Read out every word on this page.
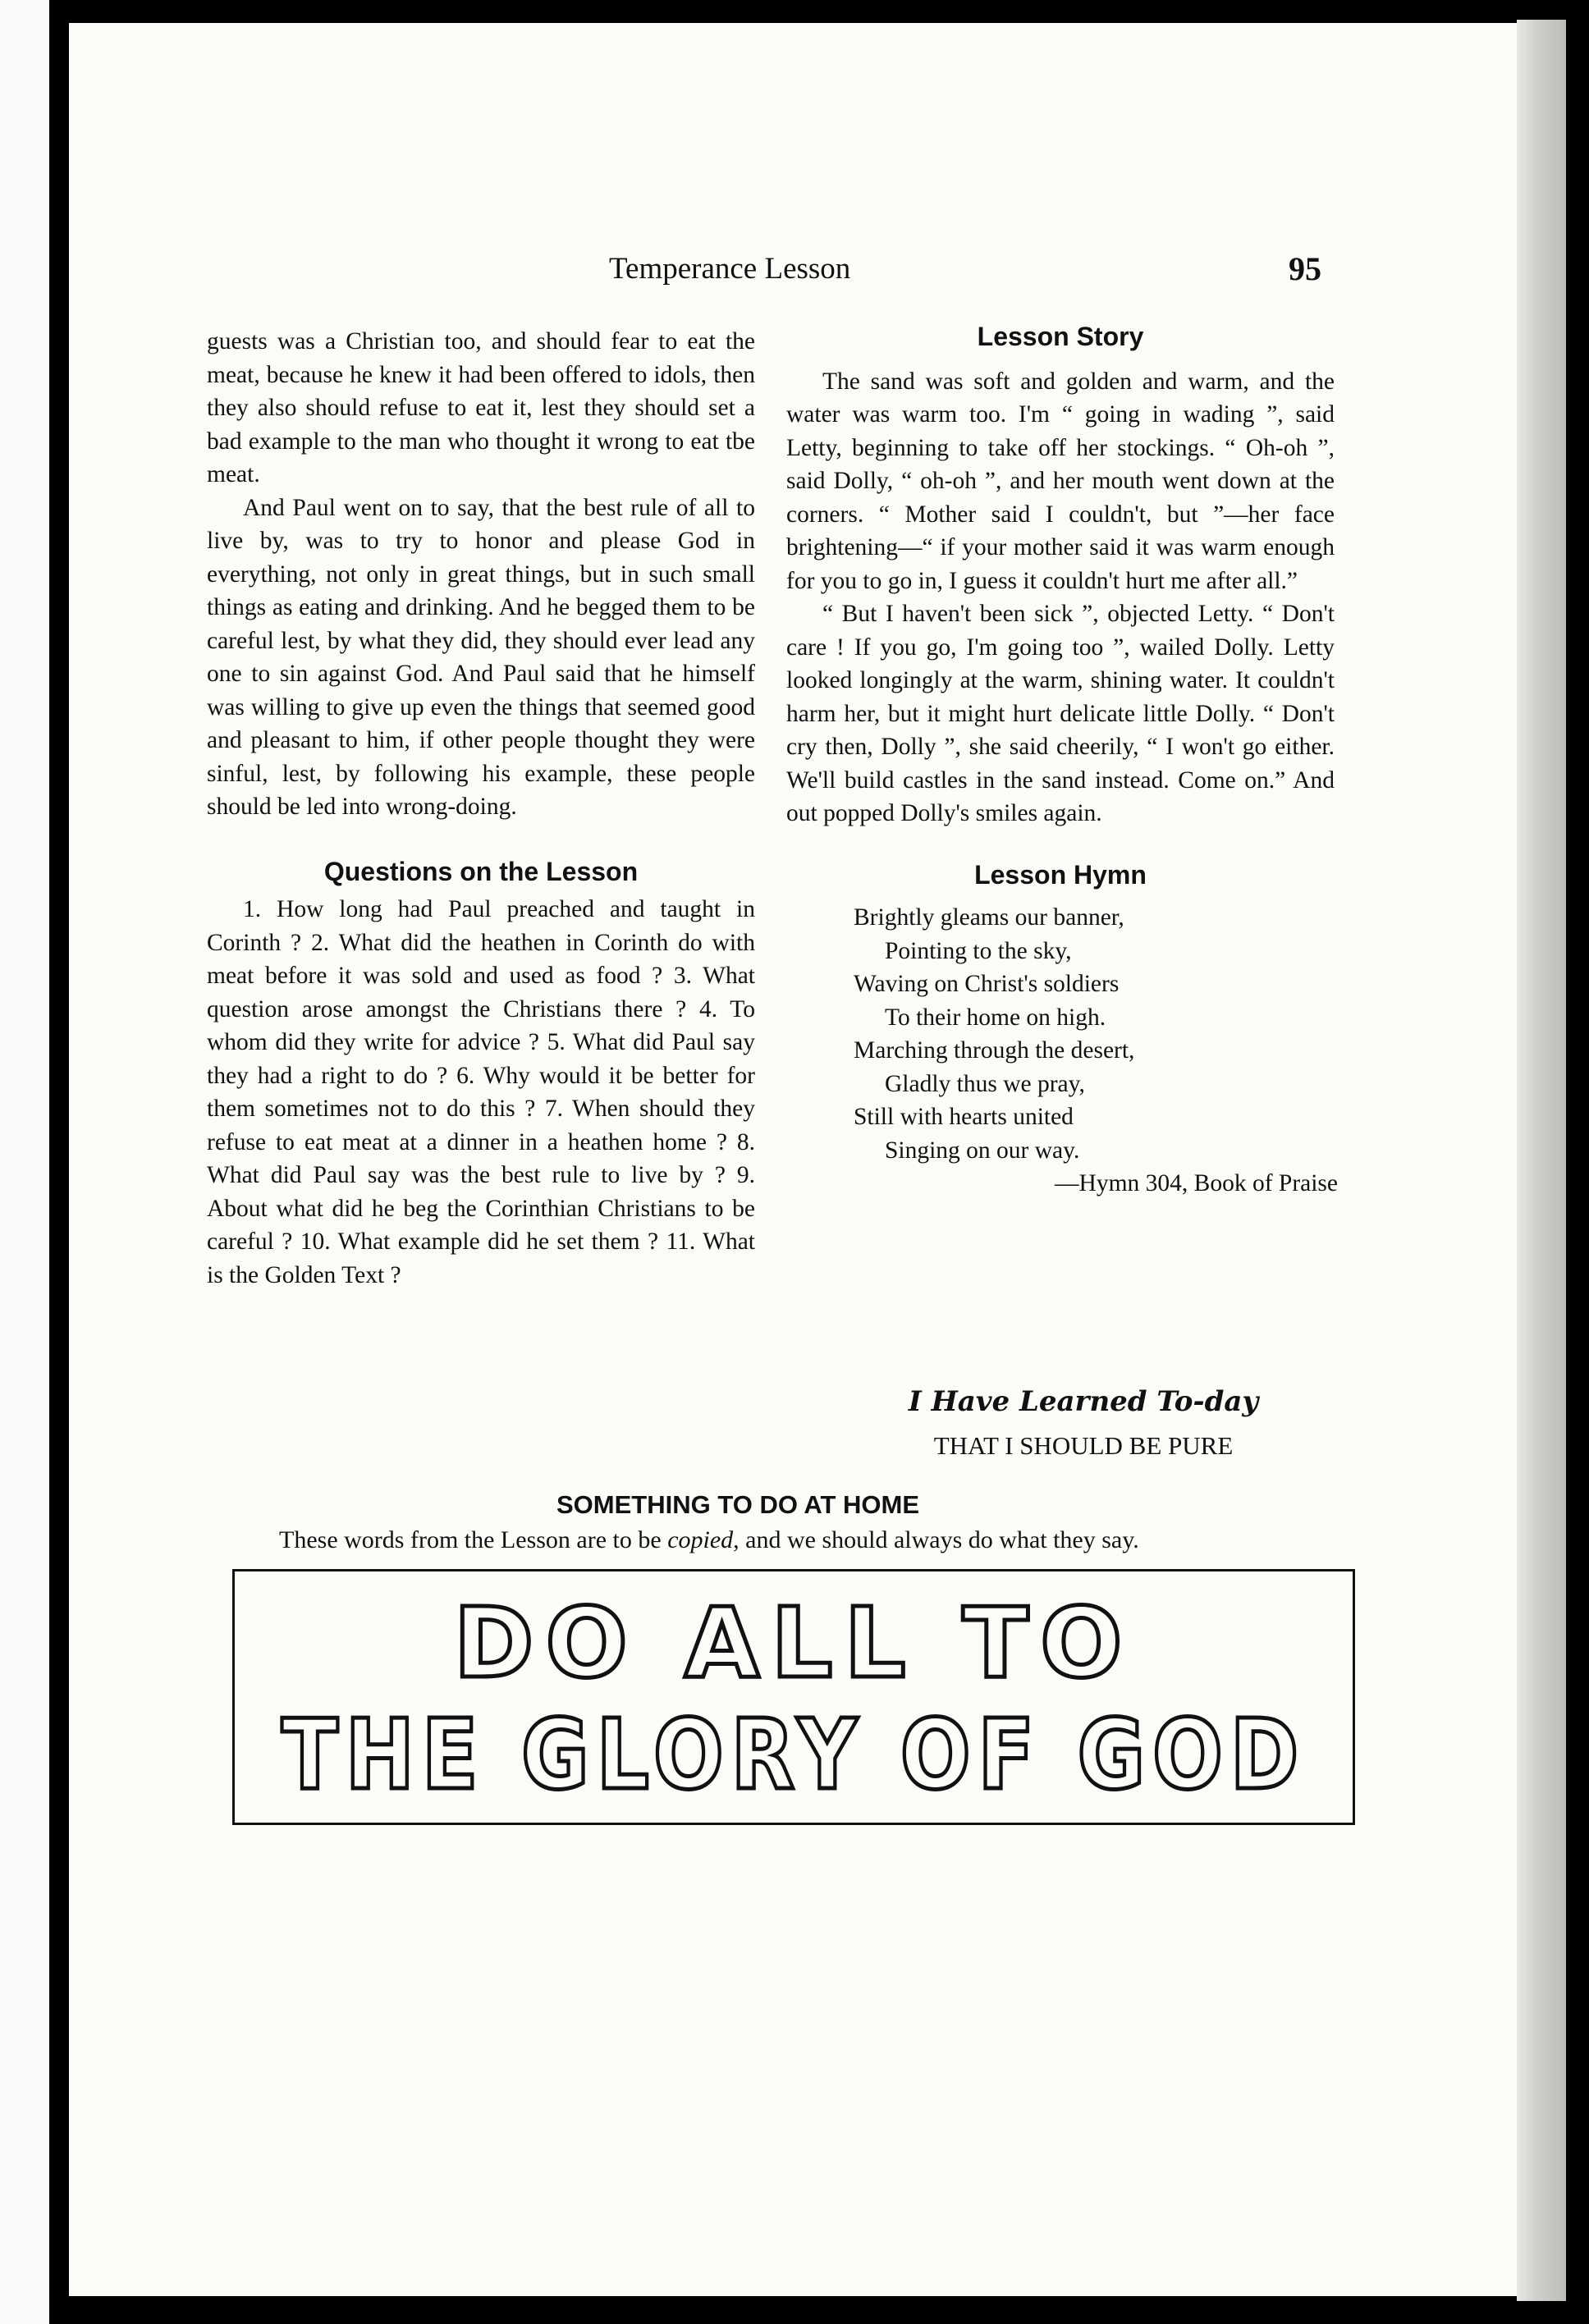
Temperance Lesson	95

guests was a Christian too, and should fear to eat the meat, because he knew it had been offered to idols, then they also should refuse to eat it, lest they should set a bad example to the man who thought it wrong to eat tbe meat.

And Paul went on to say, that the best rule of all to live by, was to try to honor and please God in everything, not only in great things, but in such small things as eating and drinking. And he begged them to be careful lest, by what they did, they should ever lead any one to sin against God. And Paul said that he himself was willing to give up even the things that seemed good and pleasant to him, if other people thought they were sinful, lest, by following his example, these people should be led into wrong-doing.

Questions on the Lesson

1. How long had Paul preached and taught in Corinth ? 2. What did the heathen in Corinth do with meat before it was sold and used as food ? 3. What question arose amongst the Christians there ? 4. To whom did they write for advice ? 5. What did Paul say they had a right to do ? 6. Why would it be better for them sometimes not to do this ? 7. When should they refuse to eat meat at a dinner in a heathen home ? 8. What did Paul say was the best rule to live by ? 9. About what did he beg the Corinthian Christians to be careful ? 10. What example did he set them ? 11. What is the Golden Text ?

Lesson Story

The sand was soft and golden and warm, and the water was warm too. I'm “ going in wading ”, said Letty, beginning to take off her stockings. “ Oh-oh ”, said Dolly, “ oh-oh ”, and her mouth went down at the corners. “ Mother said I couldn't, but ”—her face brightening—“ if your mother said it was warm enough for you to go in, I guess it couldn't hurt me after all.”

“ But I haven't been sick ”, objected Letty. “ Don't care ! If you go, I'm going too ”, wailed Dolly. Letty looked longingly at the warm, shining water. It couldn't harm her, but it might hurt delicate little Dolly. “ Don't cry then, Dolly ”, she said cheerily, “ I won't go either. We'll build castles in the sand instead. Come on.” And out popped Dolly's smiles again.

Lesson Hymn
Brightly gleams our banner,
Pointing to the sky,
Waving on Christ's soldiers
To their home on high.
Marching through the desert,
Gladly thus we pray,
Still with hearts united
Singing on our way.
—Hymn 304, Book of Praise
I Have Learned To-day
THAT I SHOULD BE PURE
SOMETHING TO DO AT HOME
These words from the Lesson are to be copied, and we should always do what they say.
DO ALL TO
THE GLORY OF GOD
